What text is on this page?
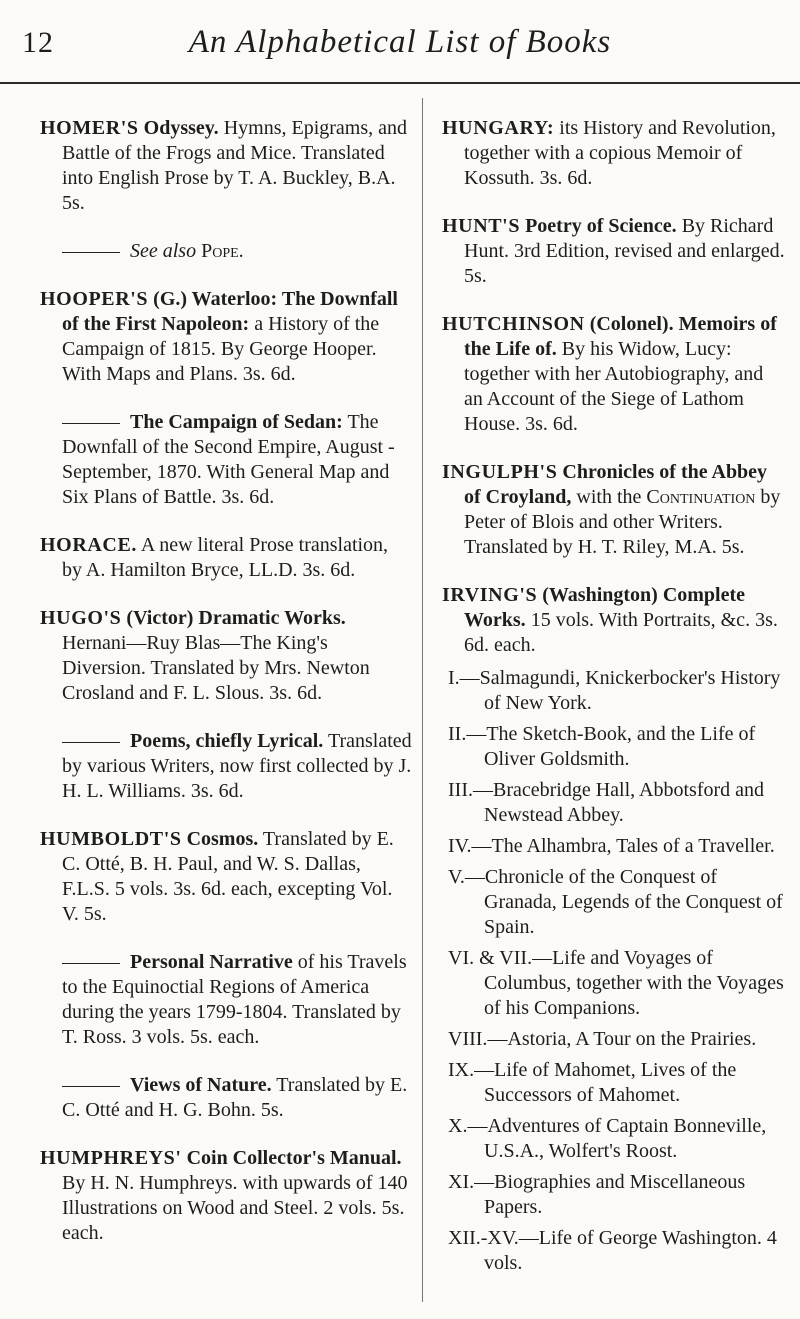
12	An Alphabetical List of Books

HOMER'S Odyssey. Hymns, Epigrams, and Battle of the Frogs and Mice. Translated into English Prose by T. A. Buckley, B.A. 5s.

See also Pope.

HOOPER'S (G.) Waterloo: The Downfall of the First Napoleon: a History of the Campaign of 1815. By George Hooper. With Maps and Plans. 3s. 6d.

The Campaign of Sedan: The Downfall of the Second Empire, August - September, 1870. With General Map and Six Plans of Battle. 3s. 6d.

HORACE. A new literal Prose translation, by A. Hamilton Bryce, LL.D. 3s. 6d.

HUGO'S (Victor) Dramatic Works. Hernani—Ruy Blas—The King's Diversion. Translated by Mrs. Newton Crosland and F. L. Slous. 3s. 6d.

Poems, chiefly Lyrical. Translated by various Writers, now first collected by J. H. L. Williams. 3s. 6d.

HUMBOLDT'S Cosmos. Translated by E. C. Otté, B. H. Paul, and W. S. Dallas, F.L.S. 5 vols. 3s. 6d. each, excepting Vol. V. 5s.

Personal Narrative of his Travels to the Equinoctial Regions of America during the years 1799-1804. Translated by T. Ross. 3 vols. 5s. each.

Views of Nature. Translated by E. C. Otté and H. G. Bohn. 5s.

HUMPHREYS' Coin Collector's Manual. By H. N. Humphreys. with upwards of 140 Illustrations on Wood and Steel. 2 vols. 5s. each.

HUNGARY: its History and Revolution, together with a copious Memoir of Kossuth. 3s. 6d.

HUNT'S Poetry of Science. By Richard Hunt. 3rd Edition, revised and enlarged. 5s.

HUTCHINSON (Colonel). Memoirs of the Life of. By his Widow, Lucy: together with her Autobiography, and an Account of the Siege of Lathom House. 3s. 6d.

INGULPH'S Chronicles of the Abbey of Croyland, with the Continuation by Peter of Blois and other Writers. Translated by H. T. Riley, M.A. 5s.

IRVING'S (Washington) Complete Works. 15 vols. With Portraits, &c. 3s. 6d. each.

I.—Salmagundi, Knickerbocker's History of New York.

II.—The Sketch-Book, and the Life of Oliver Goldsmith.

III.—Bracebridge Hall, Abbotsford and Newstead Abbey.

IV.—The Alhambra, Tales of a Traveller.

V.—Chronicle of the Conquest of Granada, Legends of the Conquest of Spain.

VI. & VII.—Life and Voyages of Columbus, together with the Voyages of his Companions.

VIII.—Astoria, A Tour on the Prairies.

IX.—Life of Mahomet, Lives of the Successors of Mahomet.

X.—Adventures of Captain Bonneville, U.S.A., Wolfert's Roost.

XI.—Biographies and Miscellaneous Papers.

XII.-XV.—Life of George Washington. 4 vols.
